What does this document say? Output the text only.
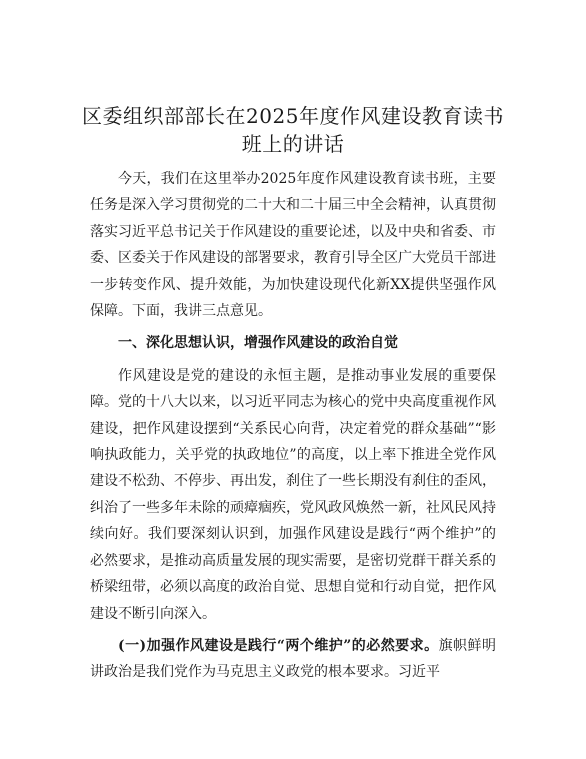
区委组织部部长在2025年度作风建设教育读书班上的讲话

今天，我们在这里举办2025年度作风建设教育读书班，主要任务是深入学习贯彻党的二十大和二十届三中全会精神，认真贯彻落实习近平总书记关于作风建设的重要论述，以及中央和省委、市委、区委关于作风建设的部署要求，教育引导全区广大党员干部进一步转变作风、提升效能，为加快建设现代化新XX提供坚强作风保障。下面，我讲三点意见。

一、深化思想认识，增强作风建设的政治自觉

作风建设是党的建设的永恒主题，是推动事业发展的重要保障。党的十八大以来，以习近平同志为核心的党中央高度重视作风建设，把作风建设摆到“关系民心向背，决定着党的群众基础”“影响执政能力，关乎党的执政地位”的高度，以上率下推进全党作风建设不松劲、不停步、再出发，刹住了一些长期没有刹住的歪风，纠治了一些多年未除的顽瘴痼疾，党风政风焕然一新，社风民风持续向好。我们要深刻认识到，加强作风建设是践行“两个维护”的必然要求，是推动高质量发展的现实需要，是密切党群干群关系的桥梁纽带，必须以高度的政治自觉、思想自觉和行动自觉，把作风建设不断引向深入。

(一)加强作风建设是践行“两个维护”的必然要求。旗帜鲜明讲政治是我们党作为马克思主义政党的根本要求。习近平
